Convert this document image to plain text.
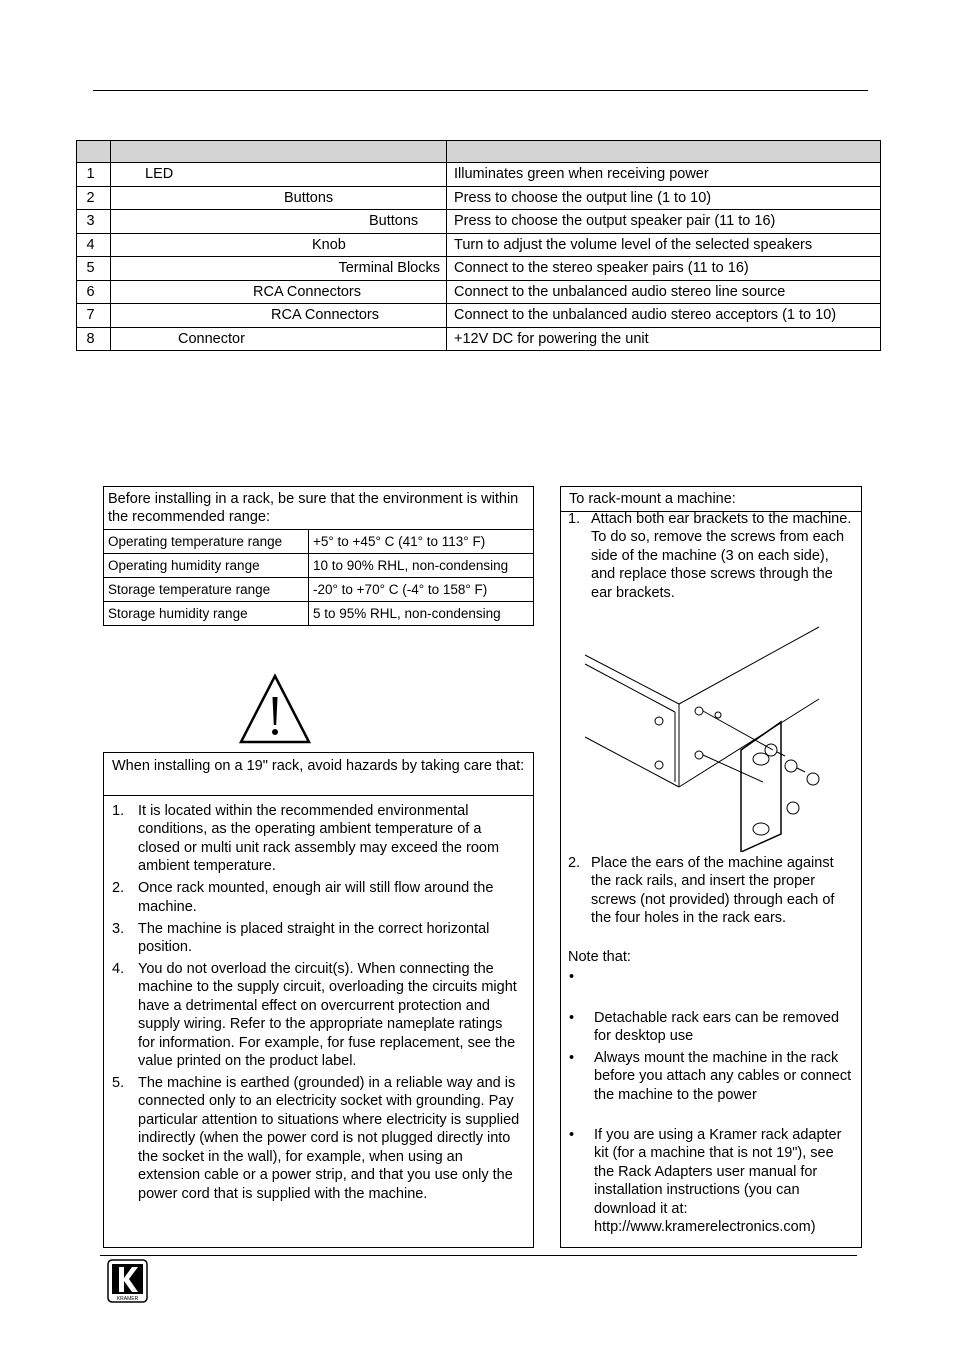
1	LED	Illuminates green when receiving power
2	Buttons	Press to choose the output line (1 to 10)
3	Buttons	Press to choose the output speaker pair (11 to 16)
4	Knob	Turn to adjust the volume level of the selected speakers
5	Terminal Blocks	Connect to the stereo speaker pairs (11 to 16)
6	RCA Connectors	Connect to the unbalanced audio stereo line source
7	RCA Connectors	Connect to the unbalanced audio stereo acceptors (1 to 10)
8	Connector	+12V DC for powering the unit
Before installing in a rack, be sure that the environment is within the recommended range:	
Operating temperature range	+5° to +45° C (41° to 113° F)
Operating humidity range	10 to 90% RHL, non-condensing
Storage temperature range	-20° to +70° C (-4° to 158° F)
Storage humidity range	5 to 95% RHL, non-condensing
When installing on a 19" rack, avoid hazards by taking care that:
1. It is located within the recommended environmental conditions, as the operating ambient temperature of a closed or multi unit rack assembly may exceed the room ambient temperature.
2. Once rack mounted, enough air will still flow around the machine.
3. The machine is placed straight in the correct horizontal position.
4. You do not overload the circuit(s). When connecting the machine to the supply circuit, overloading the circuits might have a detrimental effect on overcurrent protection and supply wiring. Refer to the appropriate nameplate ratings for information. For example, for fuse replacement, see the value printed on the product label.
5. The machine is earthed (grounded) in a reliable way and is connected only to an electricity socket with grounding. Pay particular attention to situations where electricity is supplied indirectly (when the power cord is not plugged directly into the socket in the wall), for example, when using an extension cable or a power strip, and that you use only the power cord that is supplied with the machine.
To rack-mount a machine:
1. Attach both ear brackets to the machine. To do so, remove the screws from each side of the machine (3 on each side), and replace those screws through the ear brackets.
2. Place the ears of the machine against the rack rails, and insert the proper screws (not provided) through each of the four holes in the rack ears.
Note that:
•
•	Detachable rack ears can be removed for desktop use
•	Always mount the machine in the rack before you attach any cables or connect the machine to the power
•	If you are using a Kramer rack adapter kit (for a machine that is not 19"), see the Rack Adapters user manual for installation instructions (you can download it at: http://www.kramerelectronics.com)
KRAMER
